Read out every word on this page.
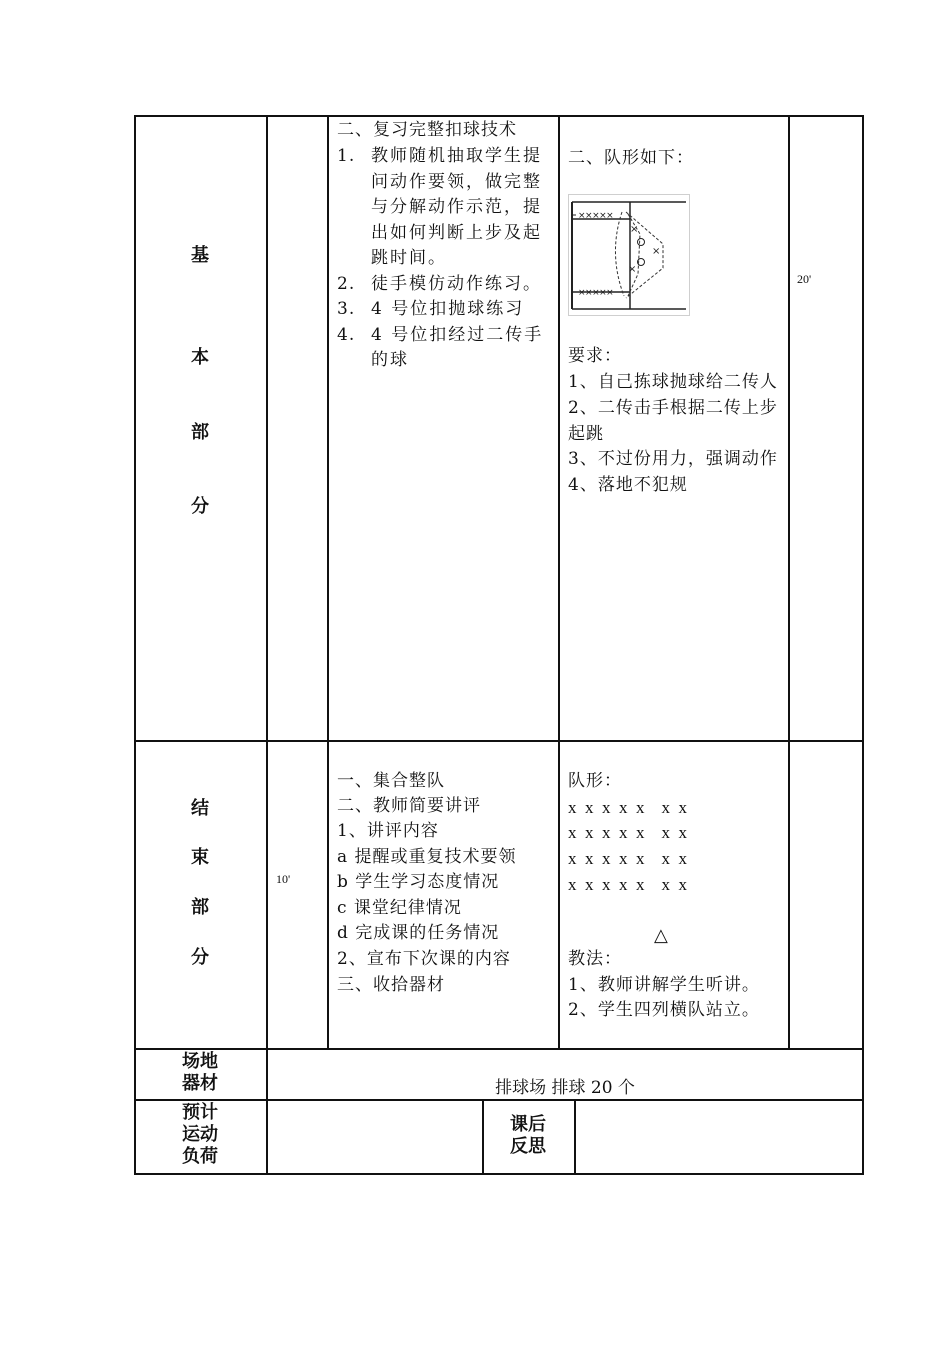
基
本
部
分
20'
二、复习完整扣球技术
1. 教师随机抽取学生提问动作要领，做完整与分解动作示范，提出如何判断上步及起跳时间。
2. 徒手模仿动作练习。
3. 4 号位扣抛球练习
4. 4 号位扣经过二传手的球
二、队形如下：
×
×
×
×××××
×××××
要求：
1、自己拣球抛球给二传人
2、二传击手根据二传上步起跳
3、不过份用力，强调动作
4、落地不犯规
结
束
部
分
10'
一、集合整队
二、教师简要讲评
1、讲评内容
a 提醒或重复技术要领
b 学生学习态度情况
c 课堂纪律情况
d 完成课的任务情况
2、宣布下次课的内容
三、收拾器材
队形：
x  x  x  x  x    x  x
x  x  x  x  x    x  x
x  x  x  x  x    x  x
x  x  x  x  x    x  x
△
教法：
1、教师讲解学生听讲。
2、学生四列横队站立。
场地
器材	排球场 排球 20 个
预计
运动
负荷
课后
反思
